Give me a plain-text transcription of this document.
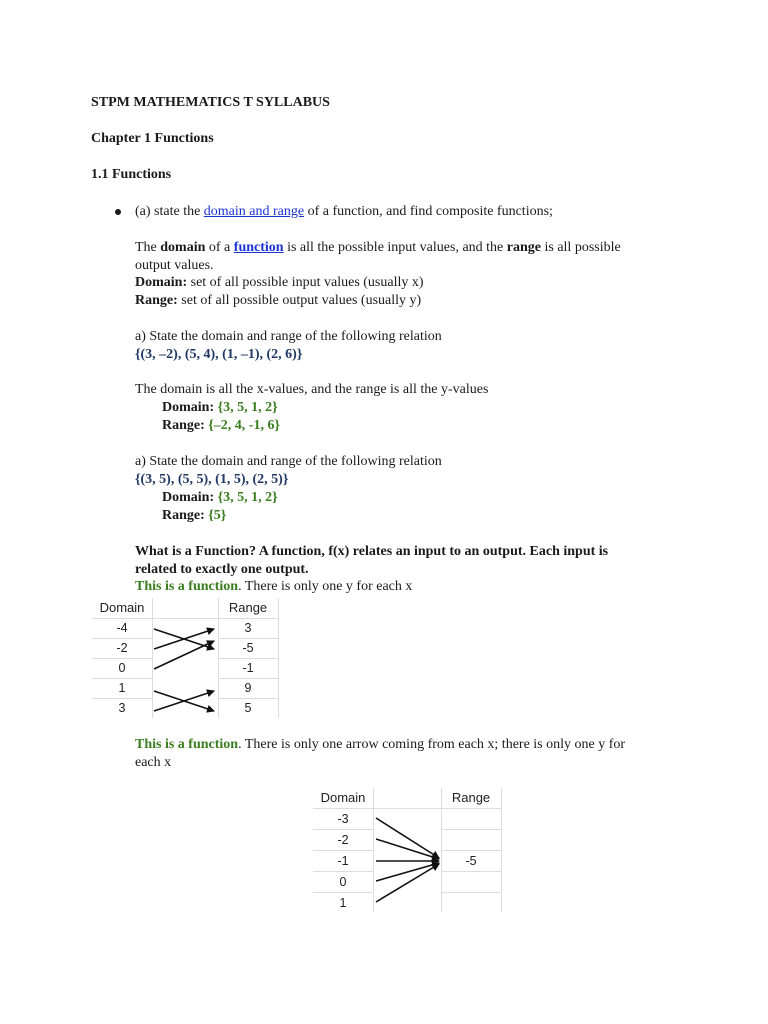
STPM MATHEMATICS T SYLLABUS
Chapter 1 Functions
1.1 Functions
(a) state the domain and range of a function, and find composite functions;
The domain of a function is all the possible input values, and the range is all possible
output values.
Domain: set of all possible input values (usually x)
Range: set of all possible output values (usually y)
a) State the domain and range of the following relation
{(3, –2), (5, 4), (1, –1), (2, 6)}
The domain is all the x-values, and the range is all the y-values
Domain: {3, 5, 1, 2}
Range: {–2, 4, -1, 6}
a) State the domain and range of the following relation
{(3, 5), (5, 5), (1, 5), (2, 5)}
Domain: {3, 5, 1, 2}
Range: {5}
What is a Function? A function, f(x) relates an input to an output. Each input is
related to exactly one output.
This is a function. There is only one y for each x
Domain	Range
-4
-2
0
1
3
3
-5
-1
9
5
This is a function. There is only one arrow coming from each x; there is only one y for
each x
Domain	Range
-3
-2
-1
0
1
-5
